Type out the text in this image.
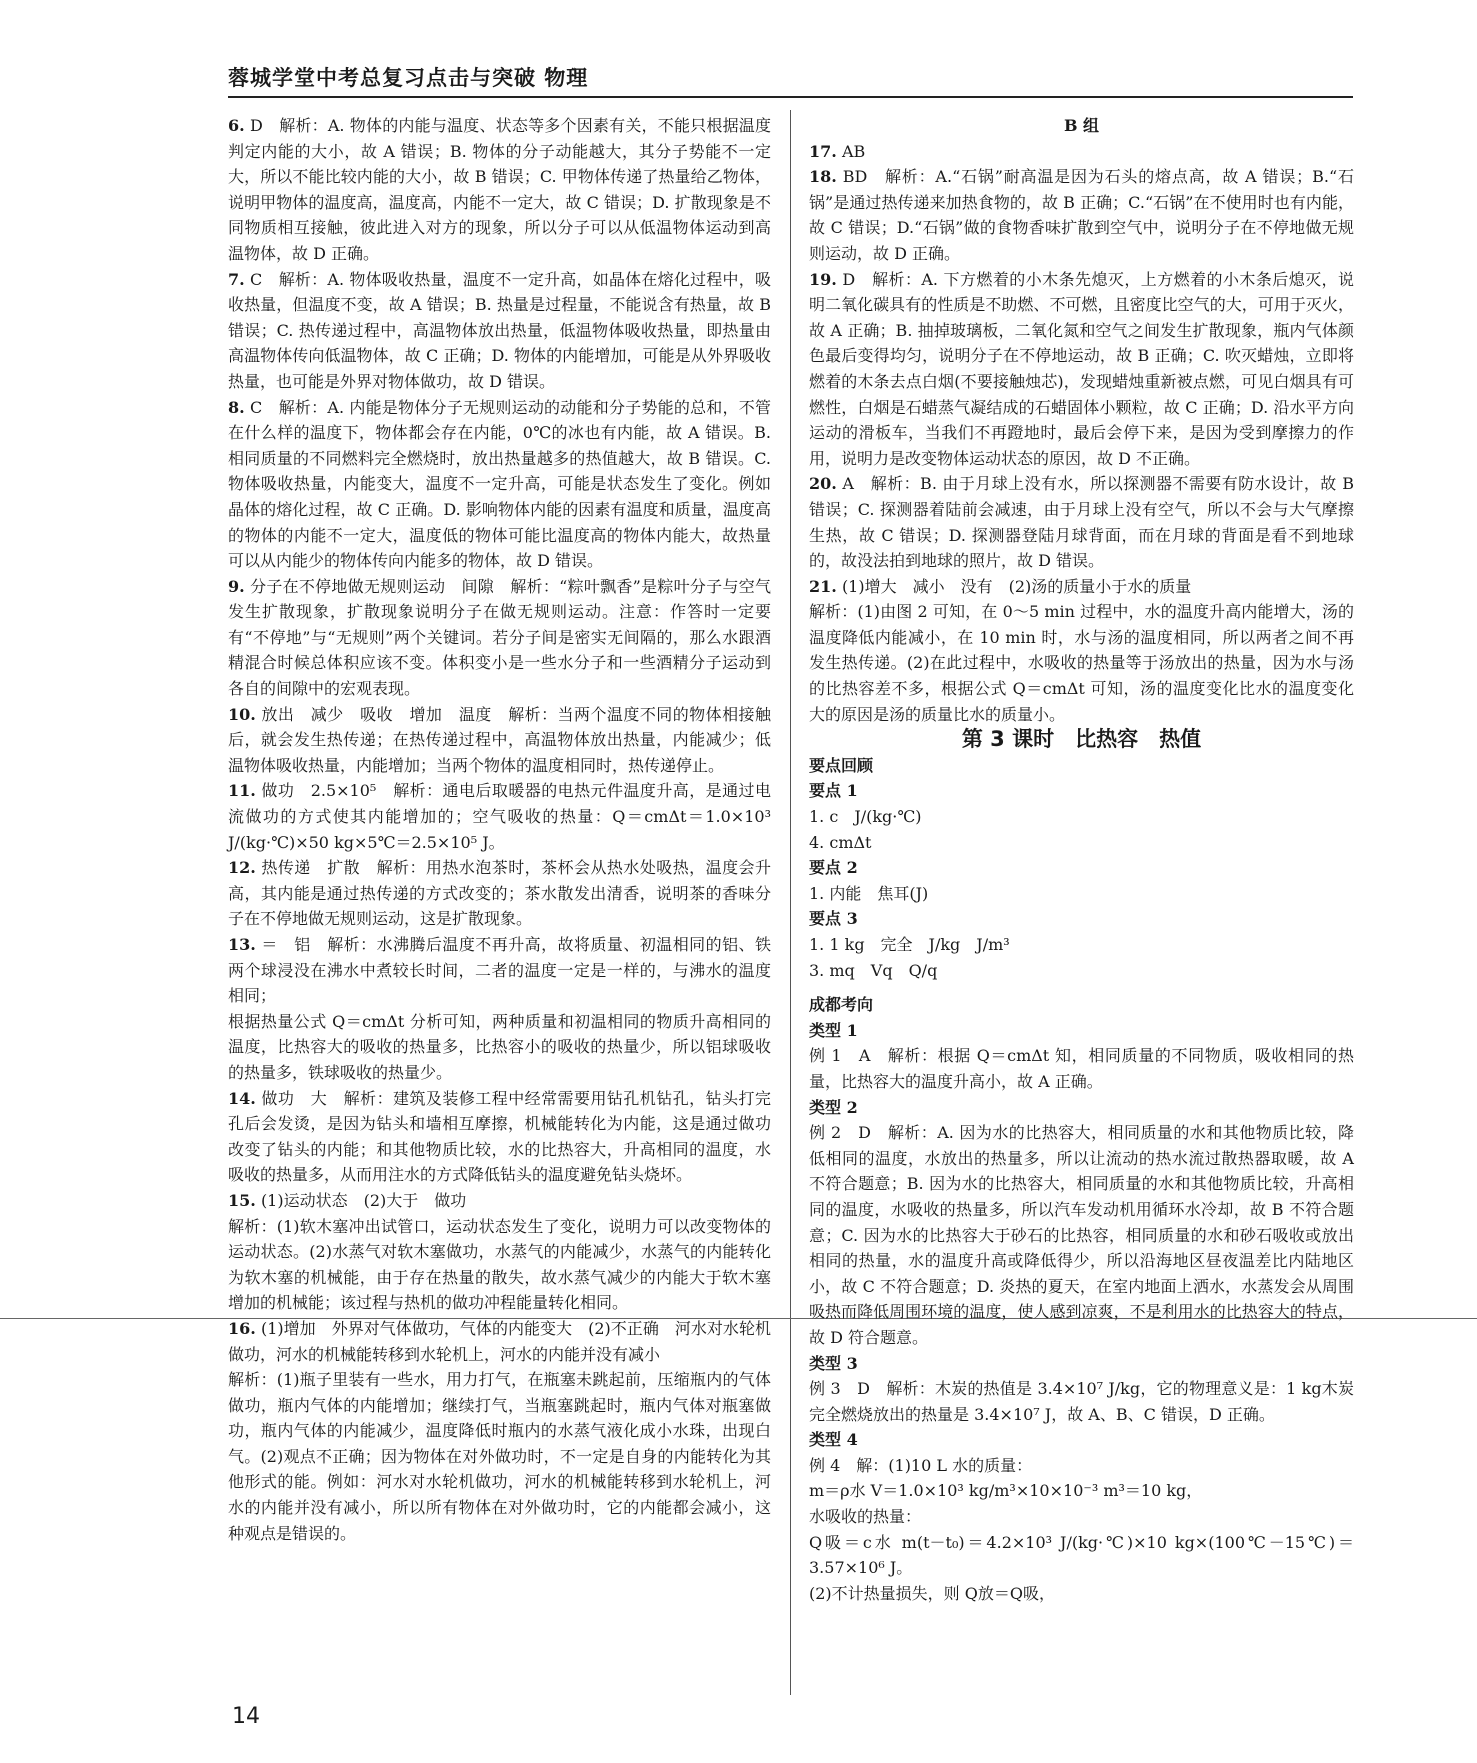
蓉城学堂中考总复习点击与突破 物理

6. D　解析：A. 物体的内能与温度、状态等多个因素有关，不能只根据温度判定内能的大小，故 A 错误；B. 物体的分子动能越大，其分子势能不一定大，所以不能比较内能的大小，故 B 错误；C. 甲物体传递了热量给乙物体，说明甲物体的温度高，温度高，内能不一定大，故 C 错误；D. 扩散现象是不同物质相互接触，彼此进入对方的现象，所以分子可以从低温物体运动到高温物体，故 D 正确。

7. C　解析：A. 物体吸收热量，温度不一定升高，如晶体在熔化过程中，吸收热量，但温度不变，故 A 错误；B. 热量是过程量，不能说含有热量，故 B 错误；C. 热传递过程中，高温物体放出热量，低温物体吸收热量，即热量由高温物体传向低温物体，故 C 正确；D. 物体的内能增加，可能是从外界吸收热量，也可能是外界对物体做功，故 D 错误。

8. C　解析：A. 内能是物体分子无规则运动的动能和分子势能的总和，不管在什么样的温度下，物体都会存在内能，0℃的冰也有内能，故 A 错误。B. 相同质量的不同燃料完全燃烧时，放出热量越多的热值越大，故 B 错误。C. 物体吸收热量，内能变大，温度不一定升高，可能是状态发生了变化。例如晶体的熔化过程，故 C 正确。D. 影响物体内能的因素有温度和质量，温度高的物体的内能不一定大，温度低的物体可能比温度高的物体内能大，故热量可以从内能少的物体传向内能多的物体，故 D 错误。

9. 分子在不停地做无规则运动　间隙　解析：“粽叶飘香”是粽叶分子与空气发生扩散现象，扩散现象说明分子在做无规则运动。注意：作答时一定要有“不停地”与“无规则”两个关键词。若分子间是密实无间隔的，那么水跟酒精混合时候总体积应该不变。体积变小是一些水分子和一些酒精分子运动到各自的间隙中的宏观表现。

10. 放出　减少　吸收　增加　温度　解析：当两个温度不同的物体相接触后，就会发生热传递；在热传递过程中，高温物体放出热量，内能减少；低温物体吸收热量，内能增加；当两个物体的温度相同时，热传递停止。

11. 做功　2.5×10⁵　解析：通电后取暖器的电热元件温度升高，是通过电流做功的方式使其内能增加的；空气吸收的热量：Q＝cmΔt＝1.0×10³ J/(kg·℃)×50 kg×5℃＝2.5×10⁵ J。

12. 热传递　扩散　解析：用热水泡茶时，茶杯会从热水处吸热，温度会升高，其内能是通过热传递的方式改变的；茶水散发出清香，说明茶的香味分子在不停地做无规则运动，这是扩散现象。

13. ＝　铝　解析：水沸腾后温度不再升高，故将质量、初温相同的铝、铁两个球浸没在沸水中煮较长时间，二者的温度一定是一样的，与沸水的温度相同；

根据热量公式 Q＝cmΔt 分析可知，两种质量和初温相同的物质升高相同的温度，比热容大的吸收的热量多，比热容小的吸收的热量少，所以铝球吸收的热量多，铁球吸收的热量少。

14. 做功　大　解析：建筑及装修工程中经常需要用钻孔机钻孔，钻头打完孔后会发烫，是因为钻头和墙相互摩擦，机械能转化为内能，这是通过做功改变了钻头的内能；和其他物质比较，水的比热容大，升高相同的温度，水吸收的热量多，从而用注水的方式降低钻头的温度避免钻头烧坏。

15. (1)运动状态　(2)大于　做功

解析：(1)软木塞冲出试管口，运动状态发生了变化，说明力可以改变物体的运动状态。(2)水蒸气对软木塞做功，水蒸气的内能减少，水蒸气的内能转化为软木塞的机械能，由于存在热量的散失，故水蒸气减少的内能大于软木塞增加的机械能；该过程与热机的做功冲程能量转化相同。

16. (1)增加　外界对气体做功，气体的内能变大　(2)不正确　河水对水轮机做功，河水的机械能转移到水轮机上，河水的内能并没有减小

解析：(1)瓶子里装有一些水，用力打气，在瓶塞未跳起前，压缩瓶内的气体做功，瓶内气体的内能增加；继续打气，当瓶塞跳起时，瓶内气体对瓶塞做功，瓶内气体的内能减少，温度降低时瓶内的水蒸气液化成小水珠，出现白气。(2)观点不正确；因为物体在对外做功时，不一定是自身的内能转化为其他形式的能。例如：河水对水轮机做功，河水的机械能转移到水轮机上，河水的内能并没有减小，所以所有物体在对外做功时，它的内能都会减小，这种观点是错误的。

B 组

17. AB

18. BD　解析：A.“石锅”耐高温是因为石头的熔点高，故 A 错误；B.“石锅”是通过热传递来加热食物的，故 B 正确；C.“石锅”在不使用时也有内能，故 C 错误；D.“石锅”做的食物香味扩散到空气中，说明分子在不停地做无规则运动，故 D 正确。

19. D　解析：A. 下方燃着的小木条先熄灭，上方燃着的小木条后熄灭，说明二氧化碳具有的性质是不助燃、不可燃，且密度比空气的大，可用于灭火，故 A 正确；B. 抽掉玻璃板，二氧化氮和空气之间发生扩散现象，瓶内气体颜色最后变得均匀，说明分子在不停地运动，故 B 正确；C. 吹灭蜡烛，立即将燃着的木条去点白烟(不要接触烛芯)，发现蜡烛重新被点燃，可见白烟具有可燃性，白烟是石蜡蒸气凝结成的石蜡固体小颗粒，故 C 正确；D. 沿水平方向运动的滑板车，当我们不再蹬地时，最后会停下来，是因为受到摩擦力的作用，说明力是改变物体运动状态的原因，故 D 不正确。

20. A　解析：B. 由于月球上没有水，所以探测器不需要有防水设计，故 B 错误；C. 探测器着陆前会减速，由于月球上没有空气，所以不会与大气摩擦生热，故 C 错误；D. 探测器登陆月球背面，而在月球的背面是看不到地球的，故没法拍到地球的照片，故 D 错误。

21. (1)增大　减小　没有　(2)汤的质量小于水的质量

解析：(1)由图 2 可知，在 0～5 min 过程中，水的温度升高内能增大，汤的温度降低内能减小，在 10 min 时，水与汤的温度相同，所以两者之间不再发生热传递。(2)在此过程中，水吸收的热量等于汤放出的热量，因为水与汤的比热容差不多，根据公式 Q＝cmΔt 可知，汤的温度变化比水的温度变化大的原因是汤的质量比水的质量小。

第 3 课时　比热容　热值

要点回顾

要点 1

1. c　J/(kg·℃)

4. cmΔt

要点 2

1. 内能　焦耳(J)

要点 3

1. 1 kg　完全　J/kg　J/m³

3. mq　Vq　Q/q

成都考向

类型 1

例 1　A　解析：根据 Q＝cmΔt 知，相同质量的不同物质，吸收相同的热量，比热容大的温度升高小，故 A 正确。

类型 2

例 2　D　解析：A. 因为水的比热容大，相同质量的水和其他物质比较，降低相同的温度，水放出的热量多，所以让流动的热水流过散热器取暖，故 A 不符合题意；B. 因为水的比热容大，相同质量的水和其他物质比较，升高相同的温度，水吸收的热量多，所以汽车发动机用循环水冷却，故 B 不符合题意；C. 因为水的比热容大于砂石的比热容，相同质量的水和砂石吸收或放出相同的热量，水的温度升高或降低得少，所以沿海地区昼夜温差比内陆地区小，故 C 不符合题意；D. 炎热的夏天，在室内地面上洒水，水蒸发会从周围吸热而降低周围环境的温度，使人感到凉爽，不是利用水的比热容大的特点，故 D 符合题意。

类型 3

例 3　D　解析：木炭的热值是 3.4×10⁷ J/kg，它的物理意义是：1 kg木炭完全燃烧放出的热量是 3.4×10⁷ J，故 A、B、C 错误，D 正确。

类型 4

例 4　解：(1)10 L 水的质量：

m＝ρ水 V＝1.0×10³ kg/m³×10×10⁻³ m³＝10 kg，

水吸收的热量：

Q吸＝c水 m(t－t₀)＝4.2×10³ J/(kg·℃)×10 kg×(100℃－15℃)＝3.57×10⁶ J。

(2)不计热量损失，则 Q放＝Q吸，

14
